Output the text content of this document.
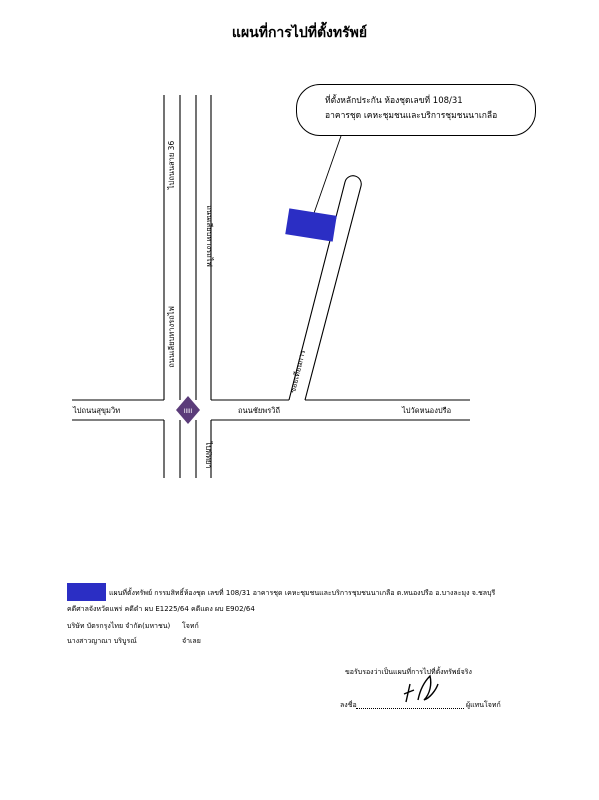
แผนที่การไปที่ตั้งทรัพย์
IIIII
ไปถนนสาย 36
ถนนเลียบทางรถไฟ
ถนนเลียบทางรถไฟ
ไปถนนสุขุมวิท	ถนนชัยพรวิถี	ไปวัดหนองปรือ
ไปพัทยา
ซอยเทียนการ
ที่ตั้งหลักประกัน ห้องชุดเลขที่ 108/31
อาคารชุด เคหะชุมชนและบริการชุมชนนาเกลือ
แผนที่ตั้งทรัพย์ กรรมสิทธิ์ห้องชุด เลขที่ 108/31 อาคารชุด เคหะชุมชนและบริการชุมชนนาเกลือ ต.หนองปรือ อ.บางละมุง จ.ชลบุรี
คดีศาลจังหวัดแพร่ คดีดำ ผบ E1225/64 คดีแดง ผบ E902/64
บริษัท บัตรกรุงไทย จำกัด(มหาชน) โจทก์
นางสาวญาณา บริบูรณ์	จำเลย
ขอรับรองว่าเป็นแผนที่การไปที่ตั้งทรัพย์จริง
ลงชื่อ	ผู้แทนโจทก์
